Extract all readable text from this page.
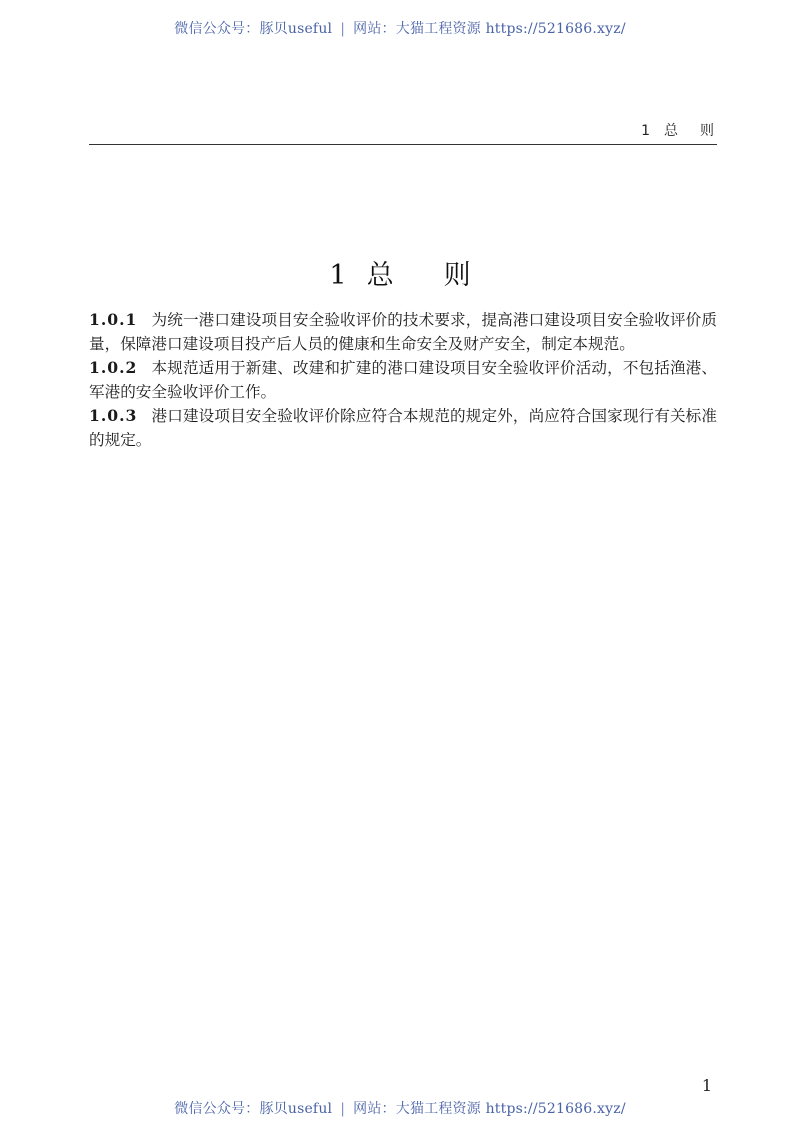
微信公众号：豚贝useful | 网站：大猫工程资源 https://521686.xyz/
1 总则
1 总则

1.0.1 为统一港口建设项目安全验收评价的技术要求，提高港口建设项目安全验收评价质量，保障港口建设项目投产后人员的健康和生命安全及财产安全，制定本规范。

1.0.2 本规范适用于新建、改建和扩建的港口建设项目安全验收评价活动，不包括渔港、军港的安全验收评价工作。

1.0.3 港口建设项目安全验收评价除应符合本规范的规定外，尚应符合国家现行有关标准的规定。

1
微信公众号：豚贝useful | 网站：大猫工程资源 https://521686.xyz/
